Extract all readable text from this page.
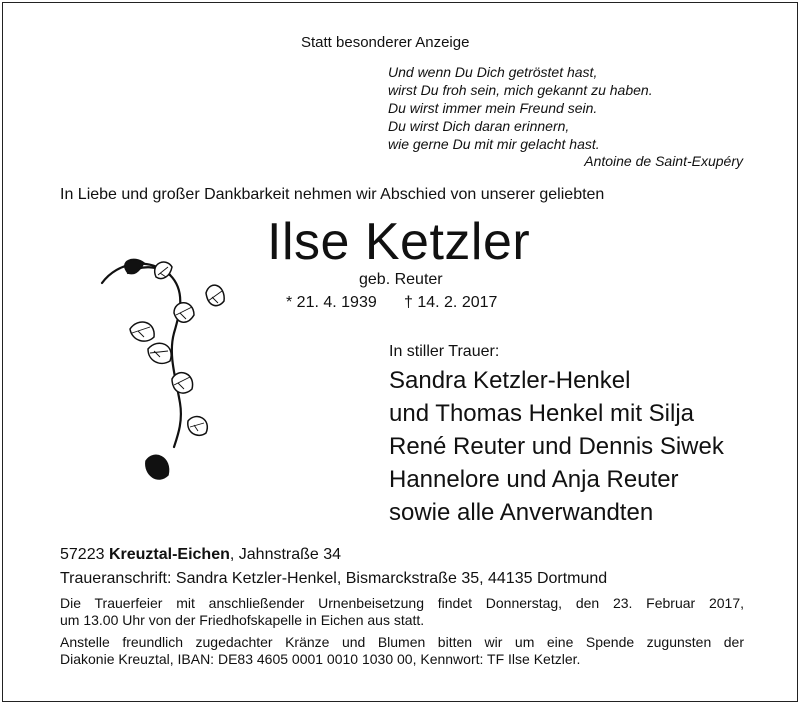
Statt besonderer Anzeige
Und wenn Du Dich getröstet hast,
wirst Du froh sein, mich gekannt zu haben.
Du wirst immer mein Freund sein.
Du wirst Dich daran erinnern,
wie gerne Du mit mir gelacht hast.
Antoine de Saint-Exupéry
In Liebe und großer Dankbarkeit nehmen wir Abschied von unserer geliebten
Ilse Ketzler
geb. Reuter
* 21. 4. 1939 † 14. 2. 2017
In stiller Trauer:
Sandra Ketzler-Henkel
und Thomas Henkel mit Silja
René Reuter und Dennis Siwek
Hannelore und Anja Reuter
sowie alle Anverwandten
57223 Kreuztal-Eichen, Jahnstraße 34
Traueranschrift: Sandra Ketzler-Henkel, Bismarckstraße 35, 44135 Dortmund
Die Trauerfeier mit anschließender Urnenbeisetzung findet Donnerstag, den 23. Februar 2017,
um 13.00 Uhr von der Friedhofskapelle in Eichen aus statt.
Anstelle freundlich zugedachter Kränze und Blumen bitten wir um eine Spende zugunsten der
Diakonie Kreuztal, IBAN: DE83 4605 0001 0010 1030 00, Kennwort: TF Ilse Ketzler.
